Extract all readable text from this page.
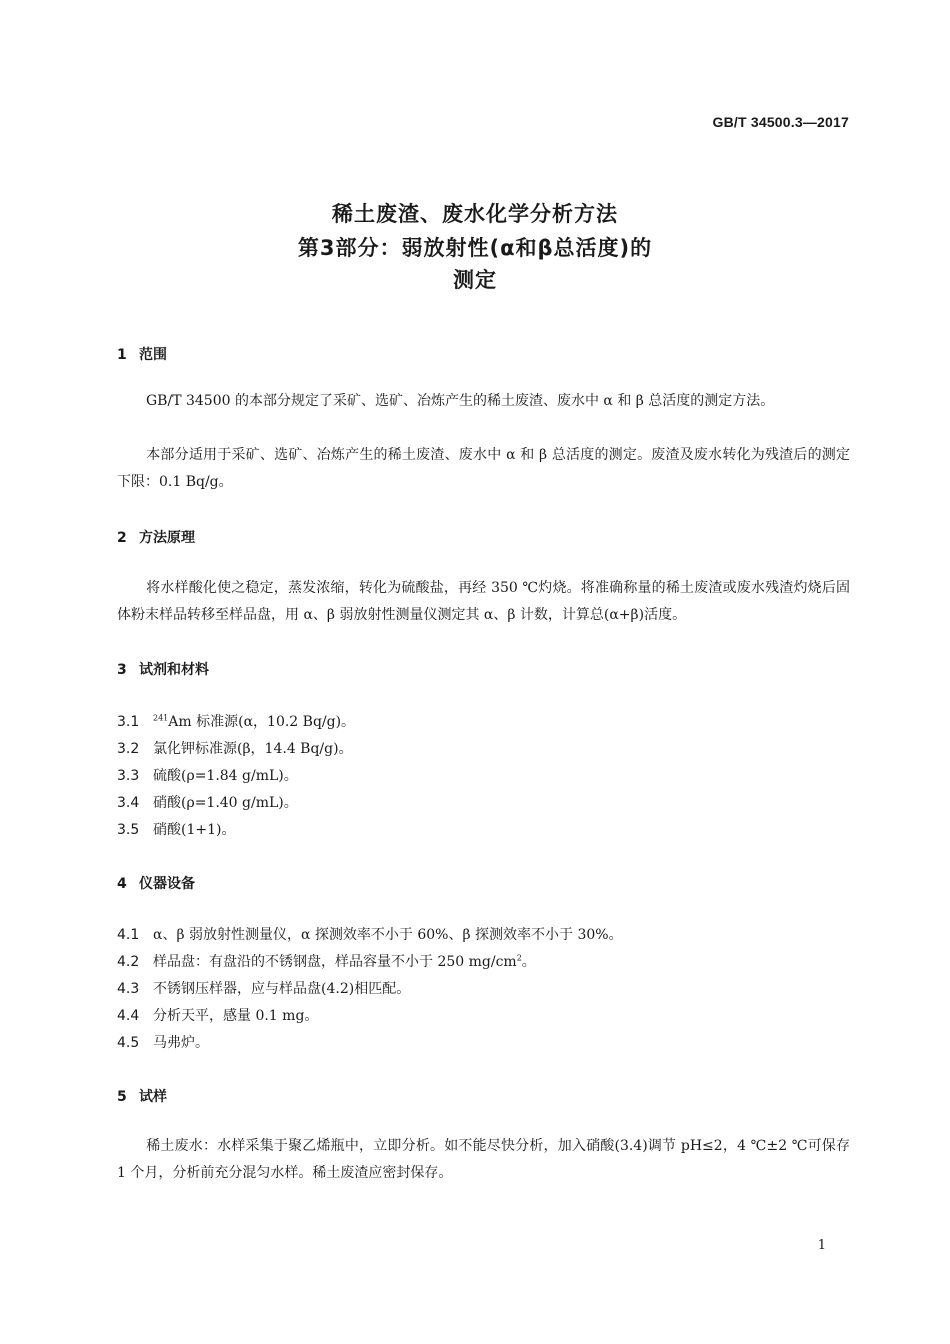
GB/T 34500.3—2017
稀土废渣、废水化学分析方法
第3部分：弱放射性(α和β总活度)的
测定
1 范围
GB/T 34500 的本部分规定了采矿、选矿、冶炼产生的稀土废渣、废水中 α 和 β 总活度的测定方法。
本部分适用于采矿、选矿、冶炼产生的稀土废渣、废水中 α 和 β 总活度的测定。废渣及废水转化为残渣后的测定下限：0.1 Bq/g。
2 方法原理
将水样酸化使之稳定，蒸发浓缩，转化为硫酸盐，再经 350 ℃灼烧。将准确称量的稀土废渣或废水残渣灼烧后固体粉末样品转移至样品盘，用 α、β 弱放射性测量仪测定其 α、β 计数，计算总(α+β)活度。
3 试剂和材料
3.1 $^{241}$Am 标准源(α，10.2 Bq/g)。
3.2 氯化钾标准源(β，14.4 Bq/g)。
3.3 硫酸(ρ=1.84 g/mL)。
3.4 硝酸(ρ=1.40 g/mL)。
3.5 硝酸(1+1)。
4 仪器设备
4.1 α、β 弱放射性测量仪，α 探测效率不小于 60%、β 探测效率不小于 30%。
4.2 样品盘：有盘沿的不锈钢盘，样品容量不小于 250 $mg/cm^2$。
4.3 不锈钢压样器，应与样品盘(4.2)相匹配。
4.4 分析天平，感量 0.1 mg。
4.5 马弗炉。
5 试样
稀土废水：水样采集于聚乙烯瓶中，立即分析。如不能尽快分析，加入硝酸(3.4)调节 pH≤2，4 ℃±2 ℃可保存 1 个月，分析前充分混匀水样。稀土废渣应密封保存。
1
